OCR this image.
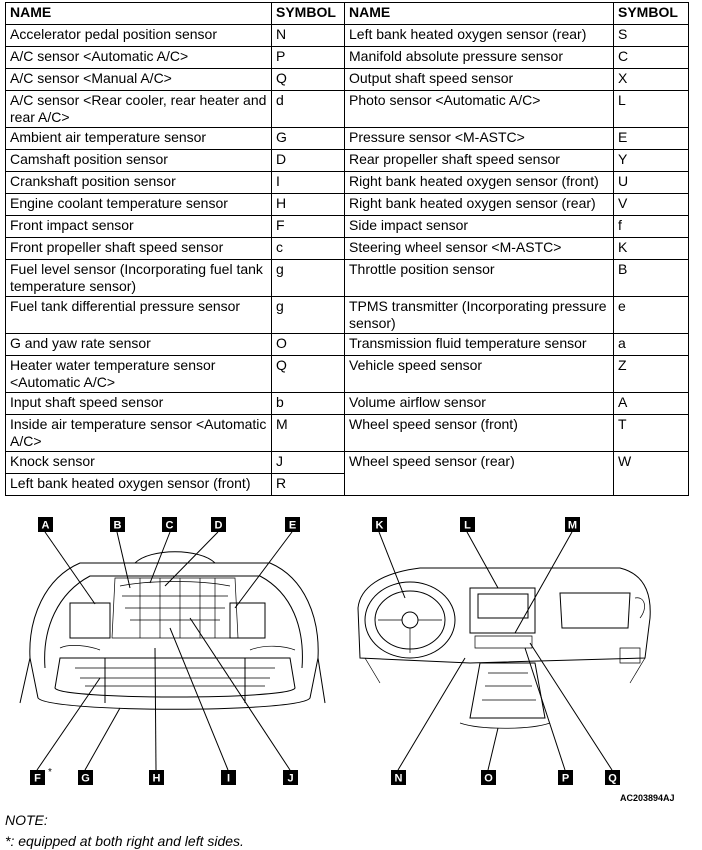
NAME	SYMBOL	NAME	SYMBOL
Accelerator pedal position sensor	N	Left bank heated oxygen sensor (rear)	S
A/C sensor <Automatic A/C>	P	Manifold absolute pressure sensor	C
A/C sensor <Manual A/C>	Q	Output shaft speed sensor	X
A/C sensor <Rear cooler, rear heater and rear A/C>	d	Photo sensor <Automatic A/C>	L
Ambient air temperature sensor	G	Pressure sensor <M-ASTC>	E
Camshaft position sensor	D	Rear propeller shaft speed sensor	Y
Crankshaft position sensor	I	Right bank heated oxygen sensor (front)	U
Engine coolant temperature sensor	H	Right bank heated oxygen sensor (rear)	V
Front impact sensor	F	Side impact sensor	f
Front propeller shaft speed sensor	c	Steering wheel sensor <M-ASTC>	K
Fuel level sensor (Incorporating fuel tank temperature sensor)	g	Throttle position sensor	B
Fuel tank differential pressure sensor	g	TPMS transmitter (Incorporating pressure sensor)	e
G and yaw rate sensor	O	Transmission fluid temperature sensor	a
Heater water temperature sensor <Automatic A/C>	Q	Vehicle speed sensor	Z
Input shaft speed sensor	b	Volume airflow sensor	A
Inside air temperature sensor <Automatic A/C>	M	Wheel speed sensor (front)	T
Knock sensor	J	Wheel speed sensor (rear)	W
Left bank heated oxygen sensor (front)	R		
A	B	C	D	E	K	L	M
F *	G	H	I	J	N	O	P	Q
AC203894AJ
NOTE:
*: equipped at both right and left sides.
